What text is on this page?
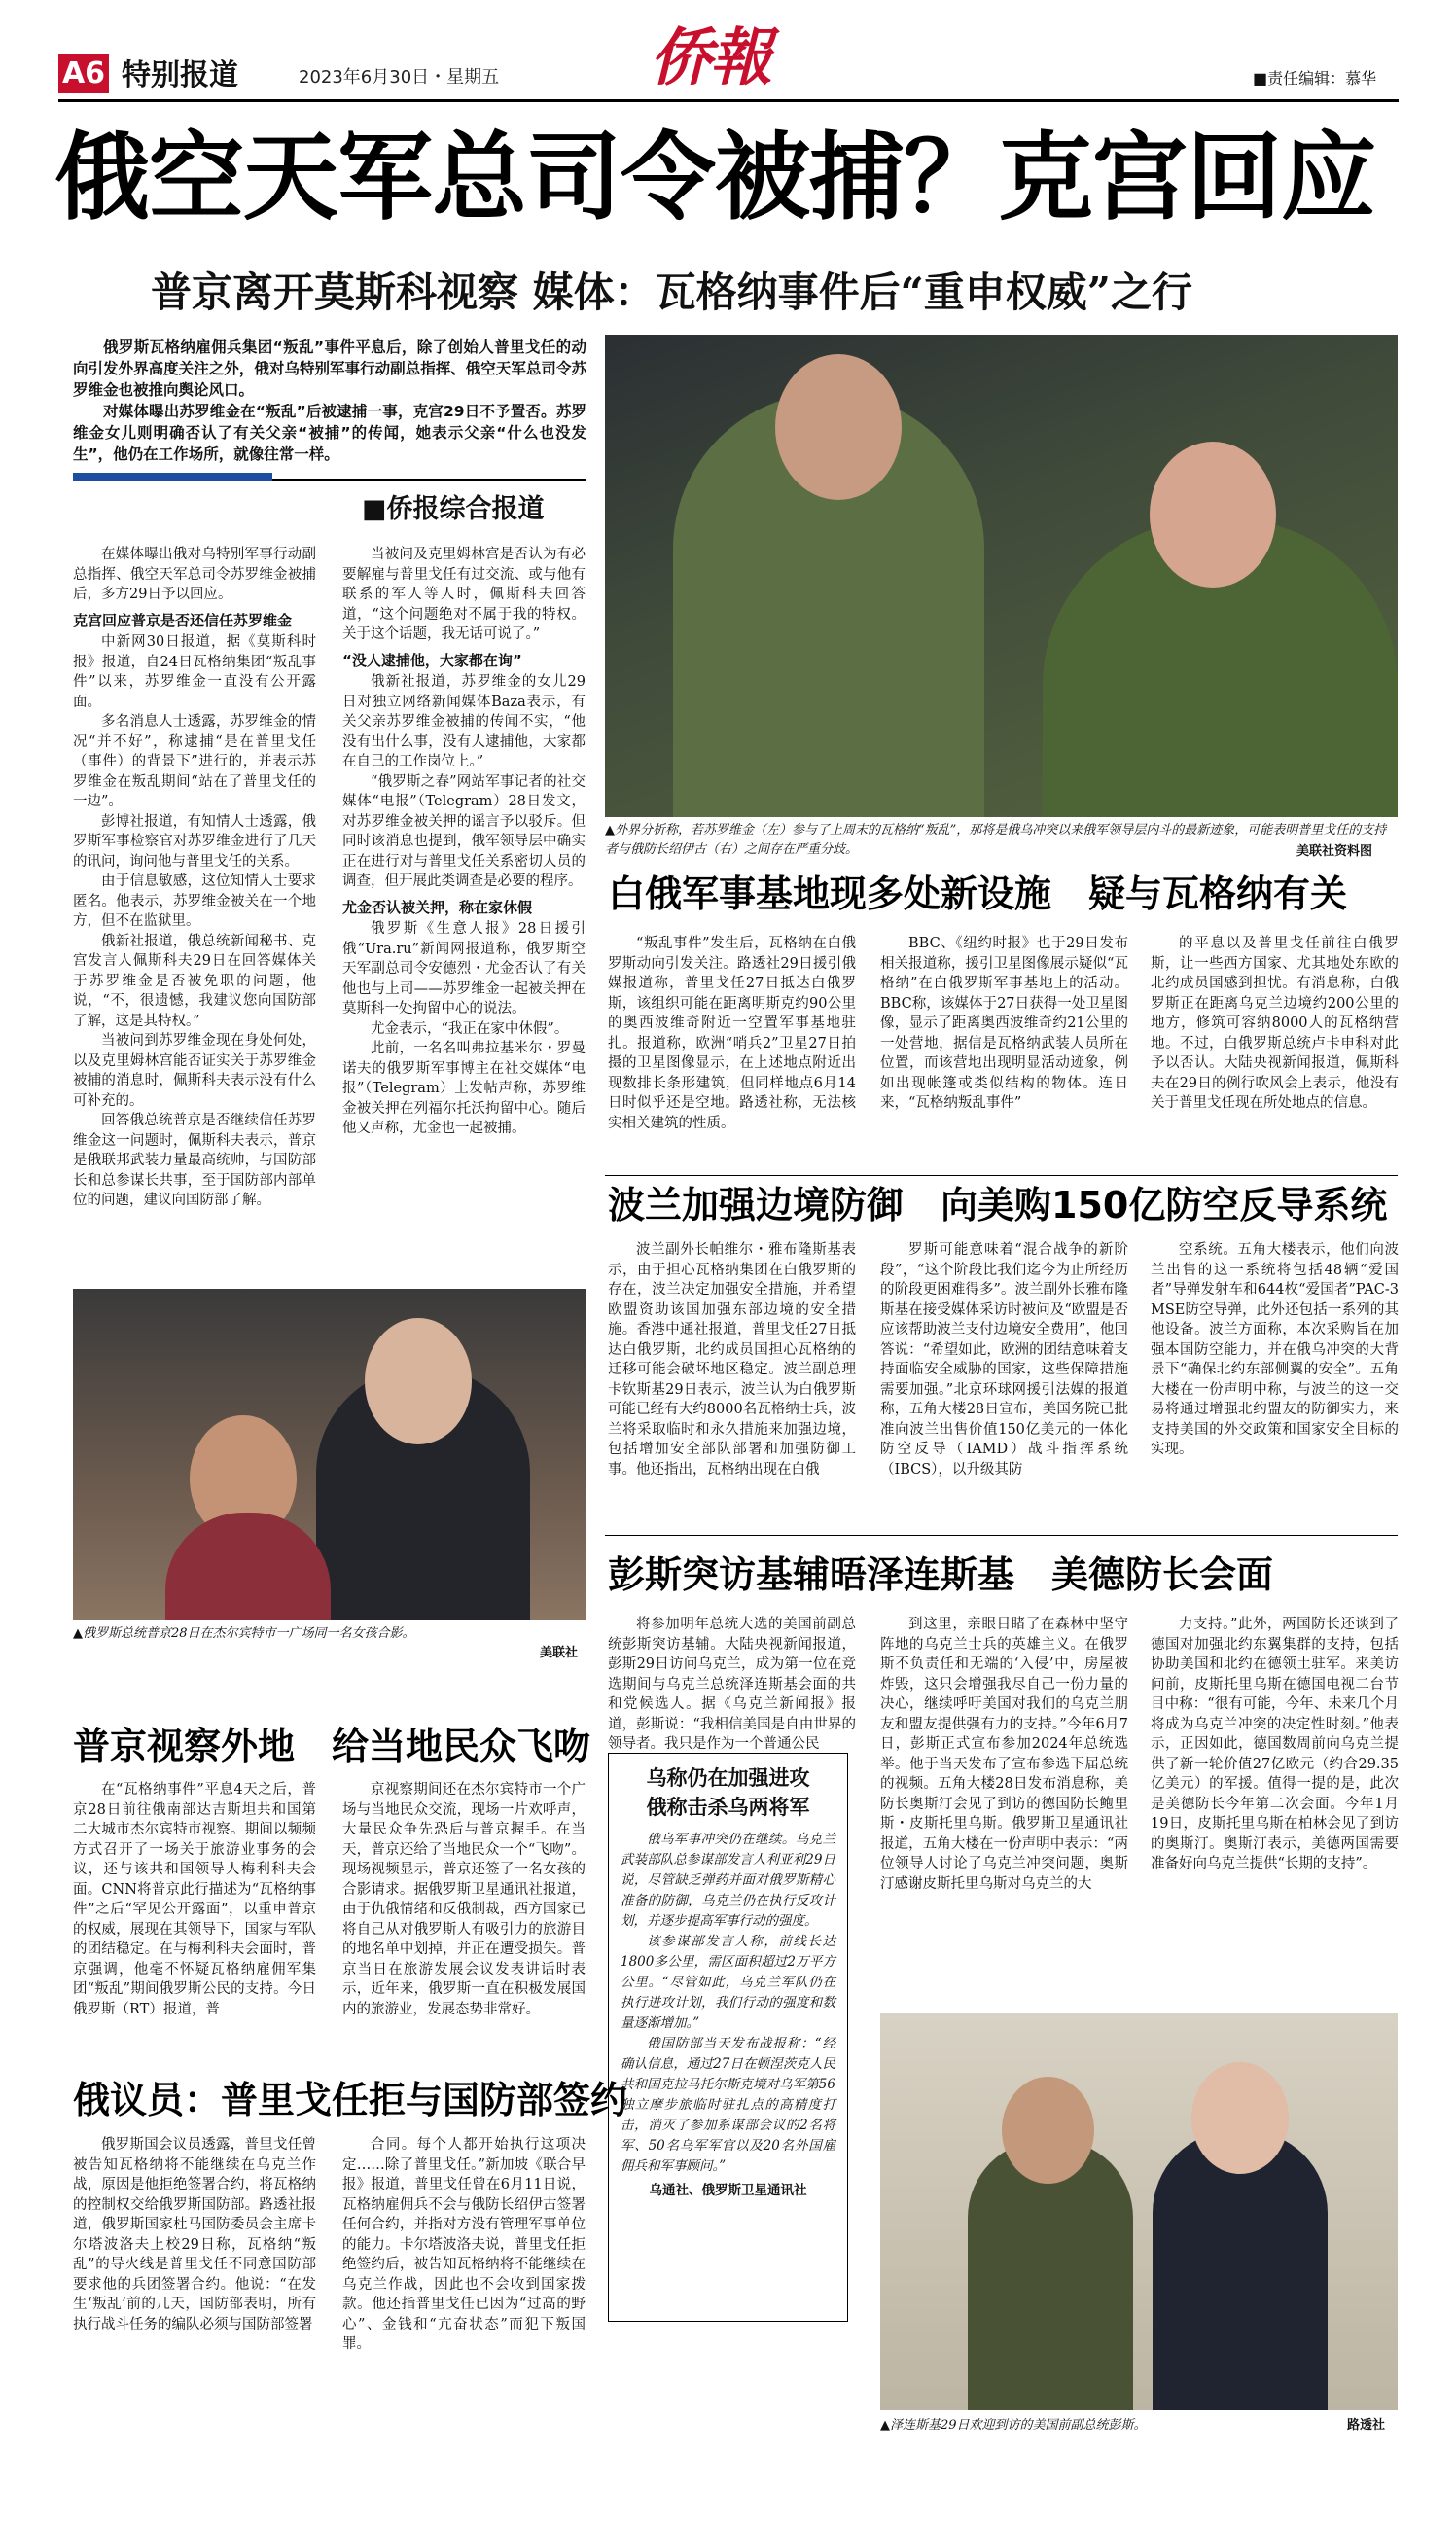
A6 特别报道	2023年6月30日・星期五 侨報	■责任编辑：慕华
俄空天军总司令被捕？克宫回应
普京离开莫斯科视察 媒体：瓦格纳事件后“重申权威”之行

俄罗斯瓦格纳雇佣兵集团“叛乱”事件平息后，除了创始人普里戈任的动向引发外界高度关注之外，俄对乌特别军事行动副总指挥、俄空天军总司令苏罗维金也被推向舆论风口。

对媒体曝出苏罗维金在“叛乱”后被逮捕一事，克宫29日不予置否。苏罗维金女儿则明确否认了有关父亲“被捕”的传闻，她表示父亲“什么也没发生”，他仍在工作场所，就像往常一样。

■侨报综合报道

在媒体曝出俄对乌特别军事行动副总指挥、俄空天军总司令苏罗维金被捕后，多方29日予以回应。

克宫回应普京是否还信任苏罗维金

中新网30日报道，据《莫斯科时报》报道，自24日瓦格纳集团“叛乱事件”以来，苏罗维金一直没有公开露面。

多名消息人士透露，苏罗维金的情况“并不好”，称逮捕“是在普里戈任（事件）的背景下”进行的，并表示苏罗维金在叛乱期间“站在了普里戈任的一边”。

彭博社报道，有知情人士透露，俄罗斯军事检察官对苏罗维金进行了几天的讯问，询问他与普里戈任的关系。

由于信息敏感，这位知情人士要求匿名。他表示，苏罗维金被关在一个地方，但不在监狱里。

俄新社报道，俄总统新闻秘书、克宫发言人佩斯科夫29日在回答媒体关于苏罗维金是否被免职的问题，他说，“不，很遗憾，我建议您向国防部了解，这是其特权。”

当被问到苏罗维金现在身处何处，以及克里姆林宫能否证实关于苏罗维金被捕的消息时，佩斯科夫表示没有什么可补充的。

回答俄总统普京是否继续信任苏罗维金这一问题时，佩斯科夫表示，普京是俄联邦武装力量最高统帅，与国防部长和总参谋长共事，至于国防部内部单位的问题，建议向国防部了解。

当被问及克里姆林宫是否认为有必要解雇与普里戈任有过交流、或与他有联系的军人等人时，佩斯科夫回答道，“这个问题绝对不属于我的特权。关于这个话题，我无话可说了。”

“没人逮捕他，大家都在询”

俄新社报道，苏罗维金的女儿29日对独立网络新闻媒体Baza表示，有关父亲苏罗维金被捕的传闻不实，“他没有出什么事，没有人逮捕他，大家都在自己的工作岗位上。”

“俄罗斯之春”网站军事记者的社交媒体“电报”（Telegram）28日发文，对苏罗维金被关押的谣言予以驳斥。但同时该消息也提到，俄军领导层中确实正在进行对与普里戈任关系密切人员的调查，但开展此类调查是必要的程序。

尤金否认被关押，称在家休假

俄罗斯《生意人报》28日援引俄“Ura.ru”新闻网报道称，俄罗斯空天军副总司令安德烈・尤金否认了有关他也与上司——苏罗维金一起被关押在莫斯科一处拘留中心的说法。

尤金表示，“我正在家中休假”。

此前，一名名叫弗拉基米尔・罗曼诺夫的俄罗斯军事博主在社交媒体“电报”（Telegram）上发帖声称，苏罗维金被关押在列福尔托沃拘留中心。随后他又声称，尤金也一起被捕。

▲外界分析称，若苏罗维金（左）参与了上周末的瓦格纳“叛乱”，那将是俄乌冲突以来俄军领导层内斗的最新迹象，可能表明普里戈任的支持者与俄防长绍伊古（右）之间存在严重分歧。	美联社资料图
白俄军事基地现多处新设施　疑与瓦格纳有关
“叛乱事件”发生后，瓦格纳在白俄罗斯动向引发关注。路透社29日援引俄媒报道称，普里戈任27日抵达白俄罗斯，该组织可能在距离明斯克约90公里的奥西波维奇附近一空置军事基地驻扎。报道称，欧洲“哨兵2”卫星27日拍摄的卫星图像显示，在上述地点附近出现数排长条形建筑，但同样地点6月14日时似乎还是空地。路透社称，无法核实相关建筑的性质。
BBC、《纽约时报》也于29日发布相关报道称，援引卫星图像展示疑似“瓦格纳”在白俄罗斯军事基地上的活动。BBC称，该媒体于27日获得一处卫星图像，显示了距离奥西波维奇约21公里的一处营地，据信是瓦格纳武装人员所在位置，而该营地出现明显活动迹象，例如出现帐篷或类似结构的物体。连日来，“瓦格纳叛乱事件”
的平息以及普里戈任前往白俄罗斯，让一些西方国家、尤其地处东欧的北约成员国感到担忧。有消息称，白俄罗斯正在距离乌克兰边境约200公里的地方，修筑可容纳8000人的瓦格纳营地。不过，白俄罗斯总统卢卡申科对此予以否认。大陆央视新闻报道，佩斯科夫在29日的例行吹风会上表示，他没有关于普里戈任现在所处地点的信息。
波兰加强边境防御　向美购150亿防空反导系统
波兰副外长帕维尔・雅布隆斯基表示，由于担心瓦格纳集团在白俄罗斯的存在，波兰决定加强安全措施，并希望欧盟资助该国加强东部边境的安全措施。香港中通社报道，普里戈任27日抵达白俄罗斯，北约成员国担心瓦格纳的迁移可能会破坏地区稳定。波兰副总理卡钦斯基29日表示，波兰认为白俄罗斯可能已经有大约8000名瓦格纳士兵，波兰将采取临时和永久措施来加强边境，包括增加安全部队部署和加强防御工事。他还指出，瓦格纳出现在白俄
罗斯可能意味着“混合战争的新阶段”，“这个阶段比我们迄今为止所经历的阶段更困难得多”。波兰副外长雅布隆斯基在接受媒体采访时被问及“欧盟是否应该帮助波兰支付边境安全费用”，他回答说：“希望如此，欧洲的团结意味着支持面临安全威胁的国家，这些保障措施需要加强。”北京环球网援引法媒的报道称，五角大楼28日宣布，美国务院已批准向波兰出售价值150亿美元的一体化防空反导（IAMD）战斗指挥系统（IBCS），以升级其防
空系统。五角大楼表示，他们向波兰出售的这一系统将包括48辆“爱国者”导弹发射车和644枚“爱国者”PAC-3 MSE防空导弹，此外还包括一系列的其他设备。波兰方面称，本次采购旨在加强本国防空能力，并在俄乌冲突的大背景下“确保北约东部侧翼的安全”。五角大楼在一份声明中称，与波兰的这一交易将通过增强北约盟友的防御实力，来支持美国的外交政策和国家安全目标的实现。
▲俄罗斯总统普京28日在杰尔宾特市一广场同一名女孩合影。
美联社
普京视察外地　给当地民众飞吻
在“瓦格纳事件”平息4天之后，普京28日前往俄南部达吉斯坦共和国第二大城市杰尔宾特市视察。期间以频频方式召开了一场关于旅游业事务的会议，还与该共和国领导人梅利科夫会面。CNN将普京此行描述为“瓦格纳事件”之后“罕见公开露面”，以重申普京的权威，展现在其领导下，国家与军队的团结稳定。在与梅利科夫会面时，普京强调，他毫不怀疑瓦格纳雇佣军集团“叛乱”期间俄罗斯公民的支持。今日俄罗斯（RT）报道，普
京视察期间还在杰尔宾特市一个广场与当地民众交流，现场一片欢呼声，大量民众争先恐后与普京握手。在当天，普京还给了当地民众一个“飞吻”。现场视频显示，普京还签了一名女孩的合影请求。据俄罗斯卫星通讯社报道，由于仇俄情绪和反俄制裁，西方国家已将自己从对俄罗斯人有吸引力的旅游目的地名单中划掉，并正在遭受损失。普京当日在旅游发展会议发表讲话时表示，近年来，俄罗斯一直在积极发展国内的旅游业，发展态势非常好。
俄议员：普里戈任拒与国防部签约
俄罗斯国会议员透露，普里戈任曾被告知瓦格纳将不能继续在乌克兰作战，原因是他拒绝签署合约，将瓦格纳的控制权交给俄罗斯国防部。路透社报道，俄罗斯国家杜马国防委员会主席卡尔塔波洛夫上校29日称，瓦格纳“叛乱”的导火线是普里戈任不同意国防部要求他的兵团签署合约。他说：“在发生‘叛乱’前的几天，国防部表明，所有执行战斗任务的编队必须与国防部签署
合同。每个人都开始执行这项决定……除了普里戈任。”新加坡《联合早报》报道，普里戈任曾在6月11日说，瓦格纳雇佣兵不会与俄防长绍伊古签署任何合约，并指对方没有管理军事单位的能力。卡尔塔波洛夫说，普里戈任拒绝签约后，被告知瓦格纳将不能继续在乌克兰作战，因此也不会收到国家拨款。他还指普里戈任已因为“过高的野心”、金钱和“亢奋状态”而犯下叛国罪。
彭斯突访基辅晤泽连斯基　美德防长会面
将参加明年总统大选的美国前副总统彭斯突访基辅。大陆央视新闻报道，彭斯29日访问乌克兰，成为第一位在竞选期间与乌克兰总统泽连斯基会面的共和党候选人。据《乌克兰新闻报》报道，彭斯说：“我相信美国是自由世界的领导者。我只是作为一个普通公民
到这里，亲眼目睹了在森林中坚守阵地的乌克兰士兵的英雄主义。在俄罗斯不负责任和无端的‘入侵’中，房屋被炸毁，这只会增强我尽自己一份力量的决心，继续呼吁美国对我们的乌克兰朋友和盟友提供强有力的支持。”今年6月7日，彭斯正式宣布参加2024年总统选举。他于当天发布了宣布参选下届总统的视频。五角大楼28日发布消息称，美防长奥斯汀会见了到访的德国防长鲍里斯・皮斯托里乌斯。俄罗斯卫星通讯社报道，五角大楼在一份声明中表示：“两位领导人讨论了乌克兰冲突问题，奥斯汀感谢皮斯托里乌斯对乌克兰的大
力支持。”此外，两国防长还谈到了德国对加强北约东翼集群的支持，包括协助美国和北约在德领土驻军。来美访问前，皮斯托里乌斯在德国电视二台节目中称：“很有可能，今年、未来几个月将成为乌克兰冲突的决定性时刻。”他表示，正因如此，德国数周前向乌克兰提供了新一轮价值27亿欧元（约合29.35亿美元）的军援。值得一提的是，此次是美德防长今年第二次会面。今年1月19日，皮斯托里乌斯在柏林会见了到访的奥斯汀。奥斯汀表示，美德两国需要准备好向乌克兰提供“长期的支持”。
乌称仍在加强进攻
俄称击杀乌两将军

俄乌军事冲突仍在继续。乌克兰武装部队总参谋部发言人利亚利29日说，尽管缺乏弹药并面对俄罗斯精心准备的防御，乌克兰仍在执行反攻计划，并逐步提高军事行动的强度。

该参谋部发言人称，前线长达1800多公里，需区面积超过2万平方公里。“尽管如此，乌克兰军队仍在执行进攻计划，我们行动的强度和数量逐渐增加。”

俄国防部当天发布战报称：“经确认信息，通过27日在顿涅茨克人民共和国克拉马托尔斯克境对乌军第56独立摩步旅临时驻扎点的高精度打击，消灭了参加系谋部会议的2名将军、50名乌军军官以及20名外国雇佣兵和军事顾问。”

乌通社、俄罗斯卫星通讯社
▲泽连斯基29日欢迎到访的美国前副总统彭斯。	路透社
